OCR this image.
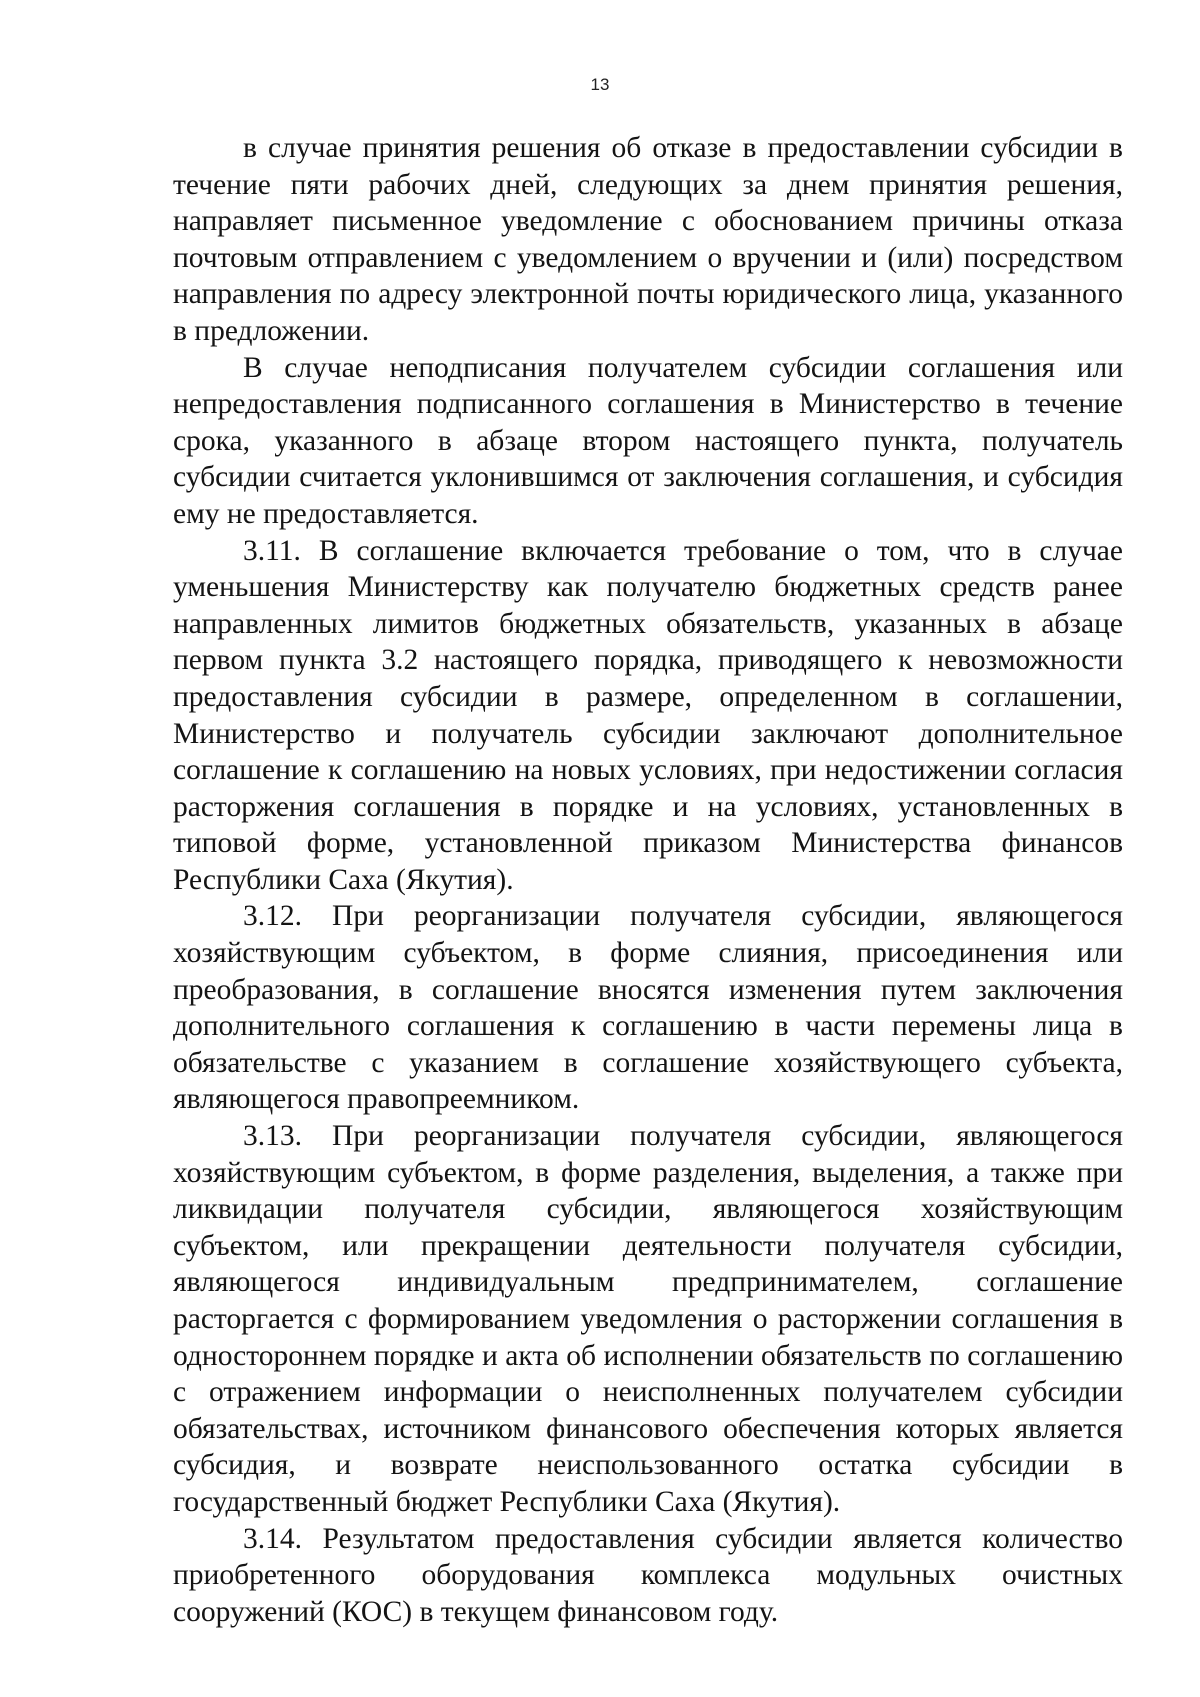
13

в случае принятия решения об отказе в предоставлении субсидии в течение пяти рабочих дней, следующих за днем принятия решения, направляет письменное уведомление с обоснованием причины отказа почтовым отправлением с уведомлением о вручении и (или) посредством направления по адресу электронной почты юридического лица, указанного в предложении.

В случае неподписания получателем субсидии соглашения или непредоставления подписанного соглашения в Министерство в течение срока, указанного в абзаце втором настоящего пункта, получатель субсидии считается уклонившимся от заключения соглашения, и субсидия ему не предоставляется.

3.11. В соглашение включается требование о том, что в случае уменьшения Министерству как получателю бюджетных средств ранее направленных лимитов бюджетных обязательств, указанных в абзаце первом пункта 3.2 настоящего порядка, приводящего к невозможности предоставления субсидии в размере, определенном в соглашении, Министерство и получатель субсидии заключают дополнительное соглашение к соглашению на новых условиях, при недостижении согласия расторжения соглашения в порядке и на условиях, установленных в типовой форме, установленной приказом Министерства финансов Республики Саха (Якутия).

3.12. При реорганизации получателя субсидии, являющегося хозяйствующим субъектом, в форме слияния, присоединения или преобразования, в соглашение вносятся изменения путем заключения дополнительного соглашения к соглашению в части перемены лица в обязательстве с указанием в соглашение хозяйствующего субъекта, являющегося правопреемником.

3.13. При реорганизации получателя субсидии, являющегося хозяйствующим субъектом, в форме разделения, выделения, а также при ликвидации получателя субсидии, являющегося хозяйствующим субъектом, или прекращении деятельности получателя субсидии, являющегося индивидуальным предпринимателем, соглашение расторгается с формированием уведомления о расторжении соглашения в одностороннем порядке и акта об исполнении обязательств по соглашению с отражением информации о неисполненных получателем субсидии обязательствах, источником финансового обеспечения которых является субсидия, и возврате неиспользованного остатка субсидии в государственный бюджет Республики Саха (Якутия).

3.14. Результатом предоставления субсидии является количество приобретенного оборудования комплекса модульных очистных сооружений (КОС) в текущем финансовом году.
